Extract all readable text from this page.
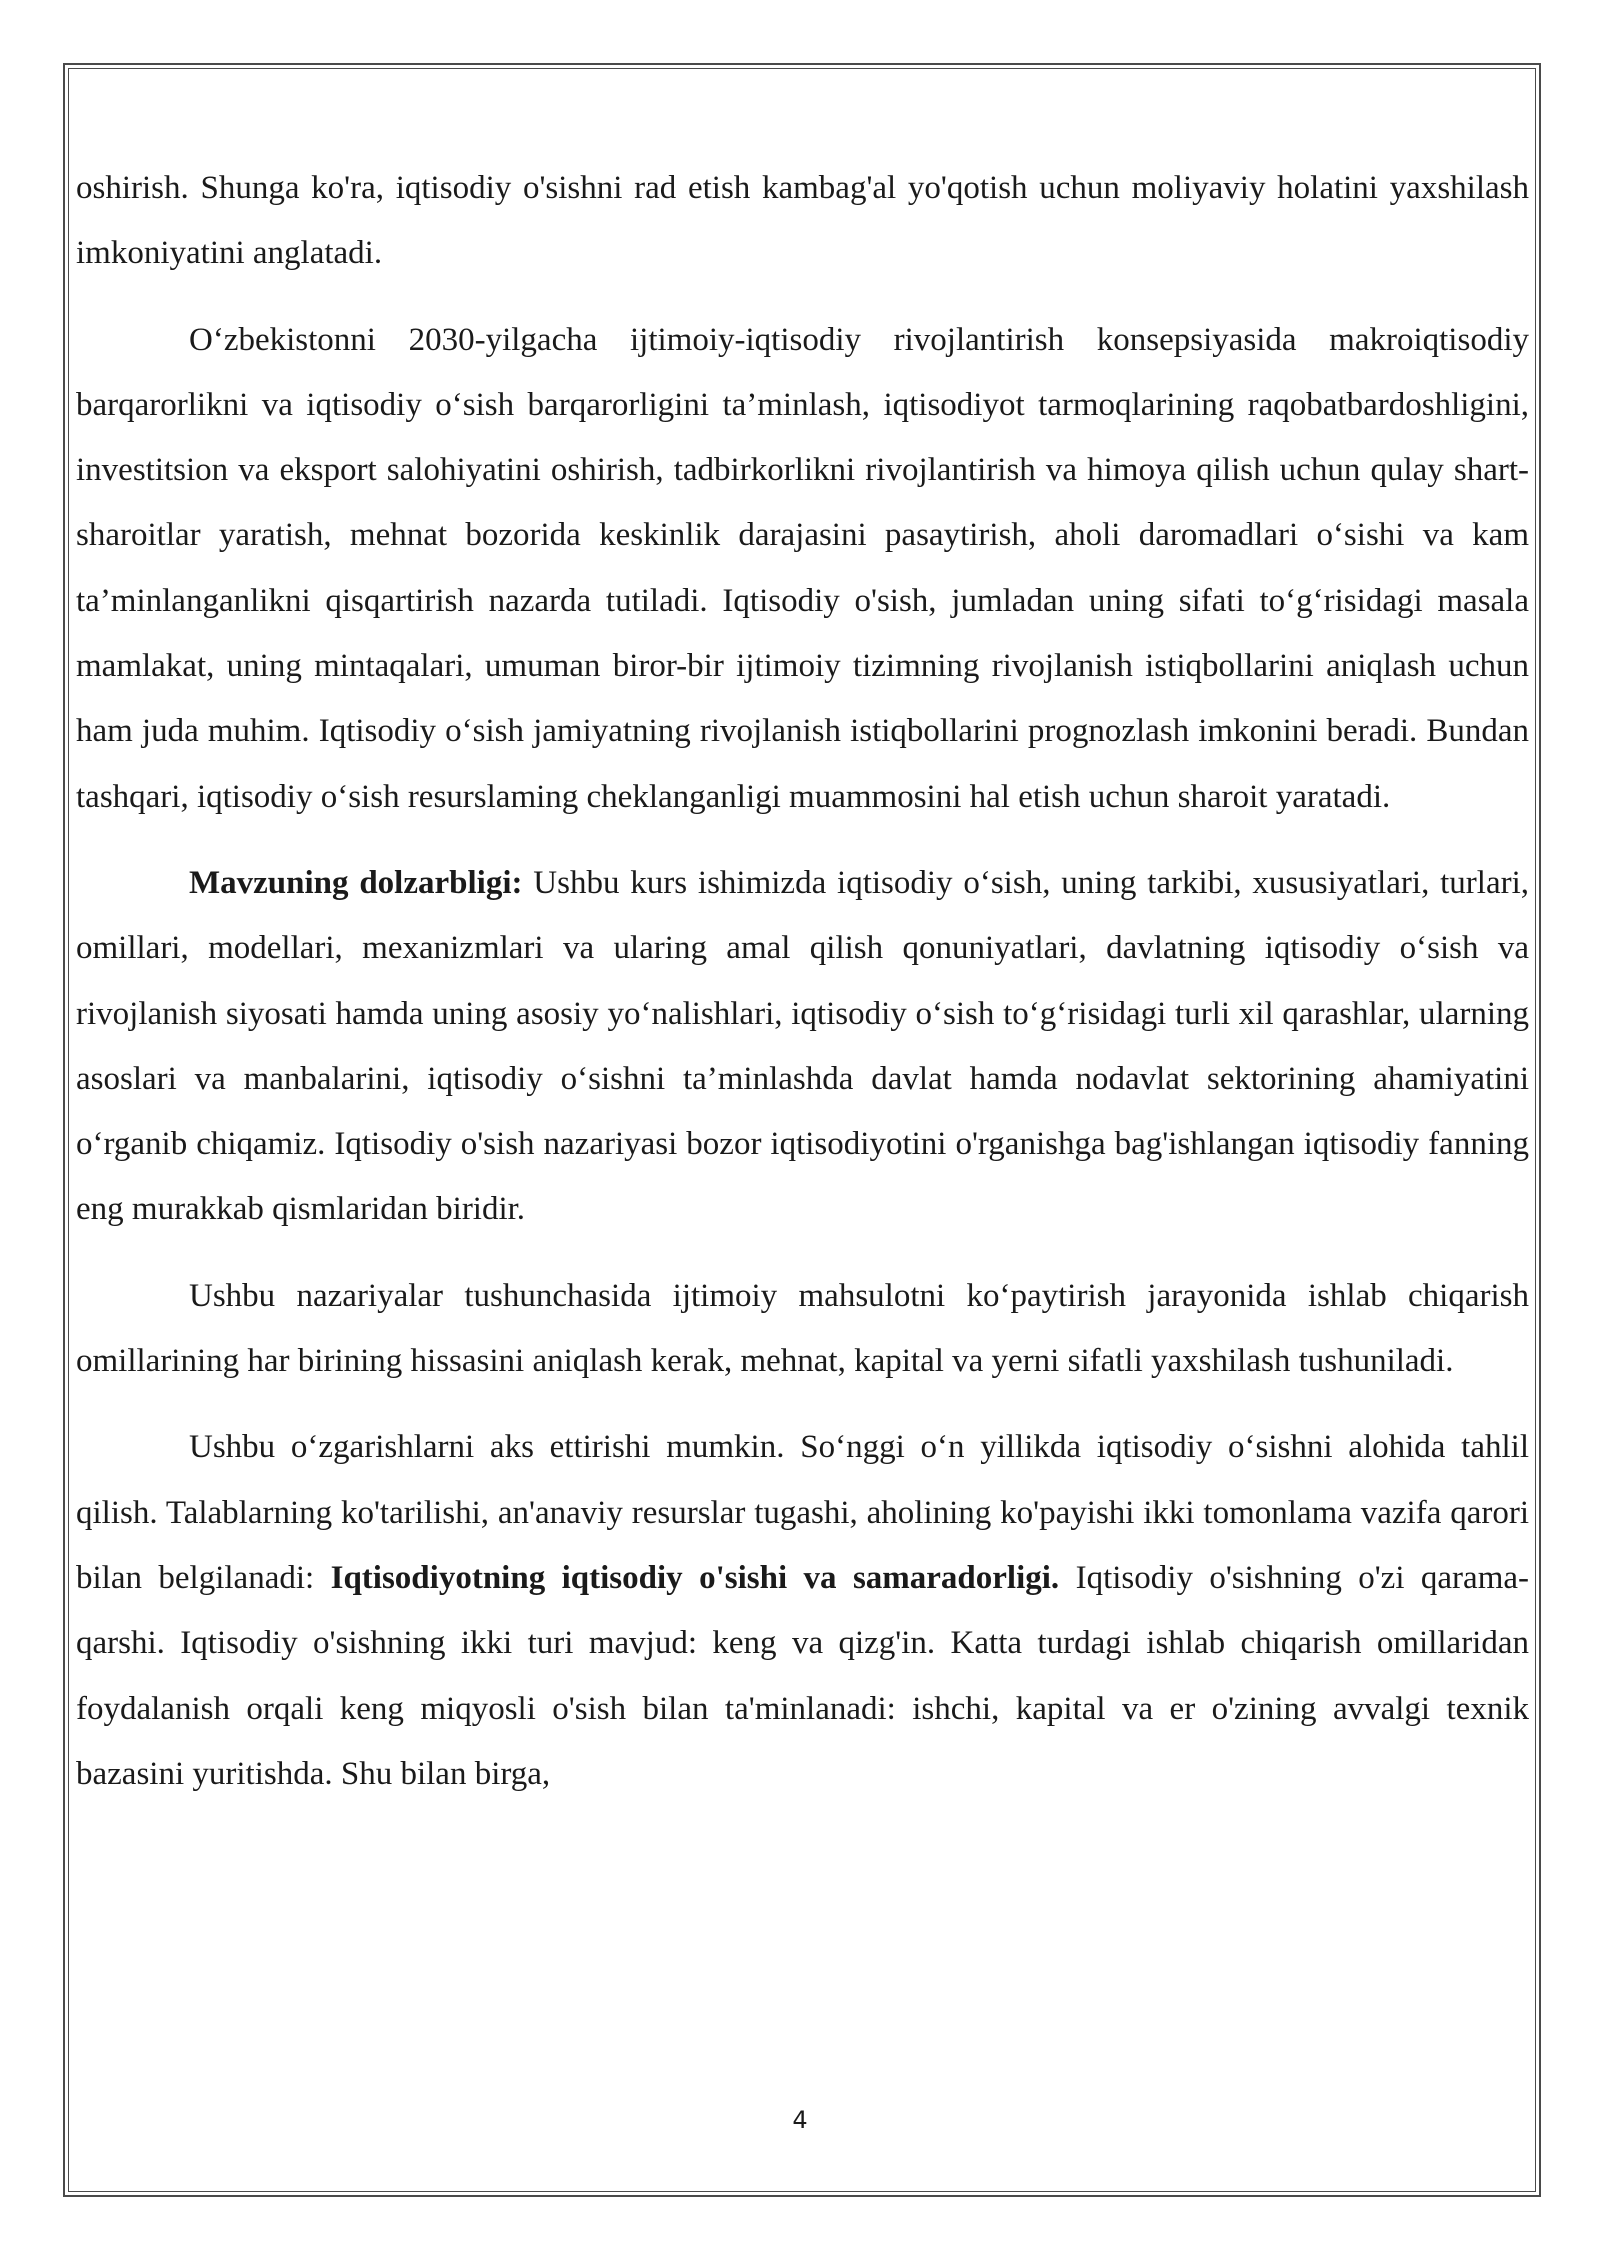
oshirish. Shunga ko'ra, iqtisodiy o'sishni rad etish kambag'al yo'qotish uchun moliyaviy holatini yaxshilash imkoniyatini anglatadi.

O‘zbekistonni 2030-yilgacha ijtimoiy-iqtisodiy rivojlantirish konsepsiyasida makroiqtisodiy barqarorlikni va iqtisodiy o‘sish barqarorligini ta’minlash, iqtisodiyot tarmoqlarining raqobatbardoshligini, investitsion va eksport salohiyatini oshirish, tadbirkorlikni rivojlantirish va himoya qilish uchun qulay shart-sharoitlar yaratish, mehnat bozorida keskinlik darajasini pasaytirish, aholi daromadlari o‘sishi va kam ta’minlanganlikni qisqartirish nazarda tutiladi. Iqtisodiy o'sish, jumladan uning sifati to‘g‘risidagi masala mamlakat, uning mintaqalari, umuman biror-bir ijtimoiy tizimning rivojlanish istiqbollarini aniqlash uchun ham juda muhim. Iqtisodiy o‘sish jamiyatning rivojlanish istiqbollarini prognozlash imkonini beradi. Bundan tashqari, iqtisodiy o‘sish resurslaming cheklanganligi muammosini hal etish uchun sharoit yaratadi.

Mavzuning dolzarbligi: Ushbu kurs ishimizda iqtisodiy o‘sish, uning tarkibi, xususiyatlari, turlari, omillari, modellari, mexanizmlari va ularing amal qilish qonuniyatlari, davlatning iqtisodiy o‘sish va rivojlanish siyosati hamda uning asosiy yo‘nalishlari, iqtisodiy o‘sish to‘g‘risidagi turli xil qarashlar, ularning asoslari va manbalarini, iqtisodiy o‘sishni ta’minlashda davlat hamda nodavlat sektorining ahamiyatini o‘rganib chiqamiz. Iqtisodiy o'sish nazariyasi bozor iqtisodiyotini o'rganishga bag'ishlangan iqtisodiy fanning eng murakkab qismlaridan biridir.

Ushbu nazariyalar tushunchasida ijtimoiy mahsulotni ko‘paytirish jarayonida ishlab chiqarish omillarining har birining hissasini aniqlash kerak, mehnat, kapital va yerni sifatli yaxshilash tushuniladi.

Ushbu o‘zgarishlarni aks ettirishi mumkin. So‘nggi o‘n yillikda iqtisodiy o‘sishni alohida tahlil qilish. Talablarning ko'tarilishi, an'anaviy resurslar tugashi, aholining ko'payishi ikki tomonlama vazifa qarori bilan belgilanadi: Iqtisodiyotning iqtisodiy o'sishi va samaradorligi. Iqtisodiy o'sishning o'zi qarama-qarshi. Iqtisodiy o'sishning ikki turi mavjud: keng va qizg'in. Katta turdagi ishlab chiqarish omillaridan foydalanish orqali keng miqyosli o'sish bilan ta'minlanadi: ishchi, kapital va er o'zining avvalgi texnik bazasini yuritishda. Shu bilan birga,

4
